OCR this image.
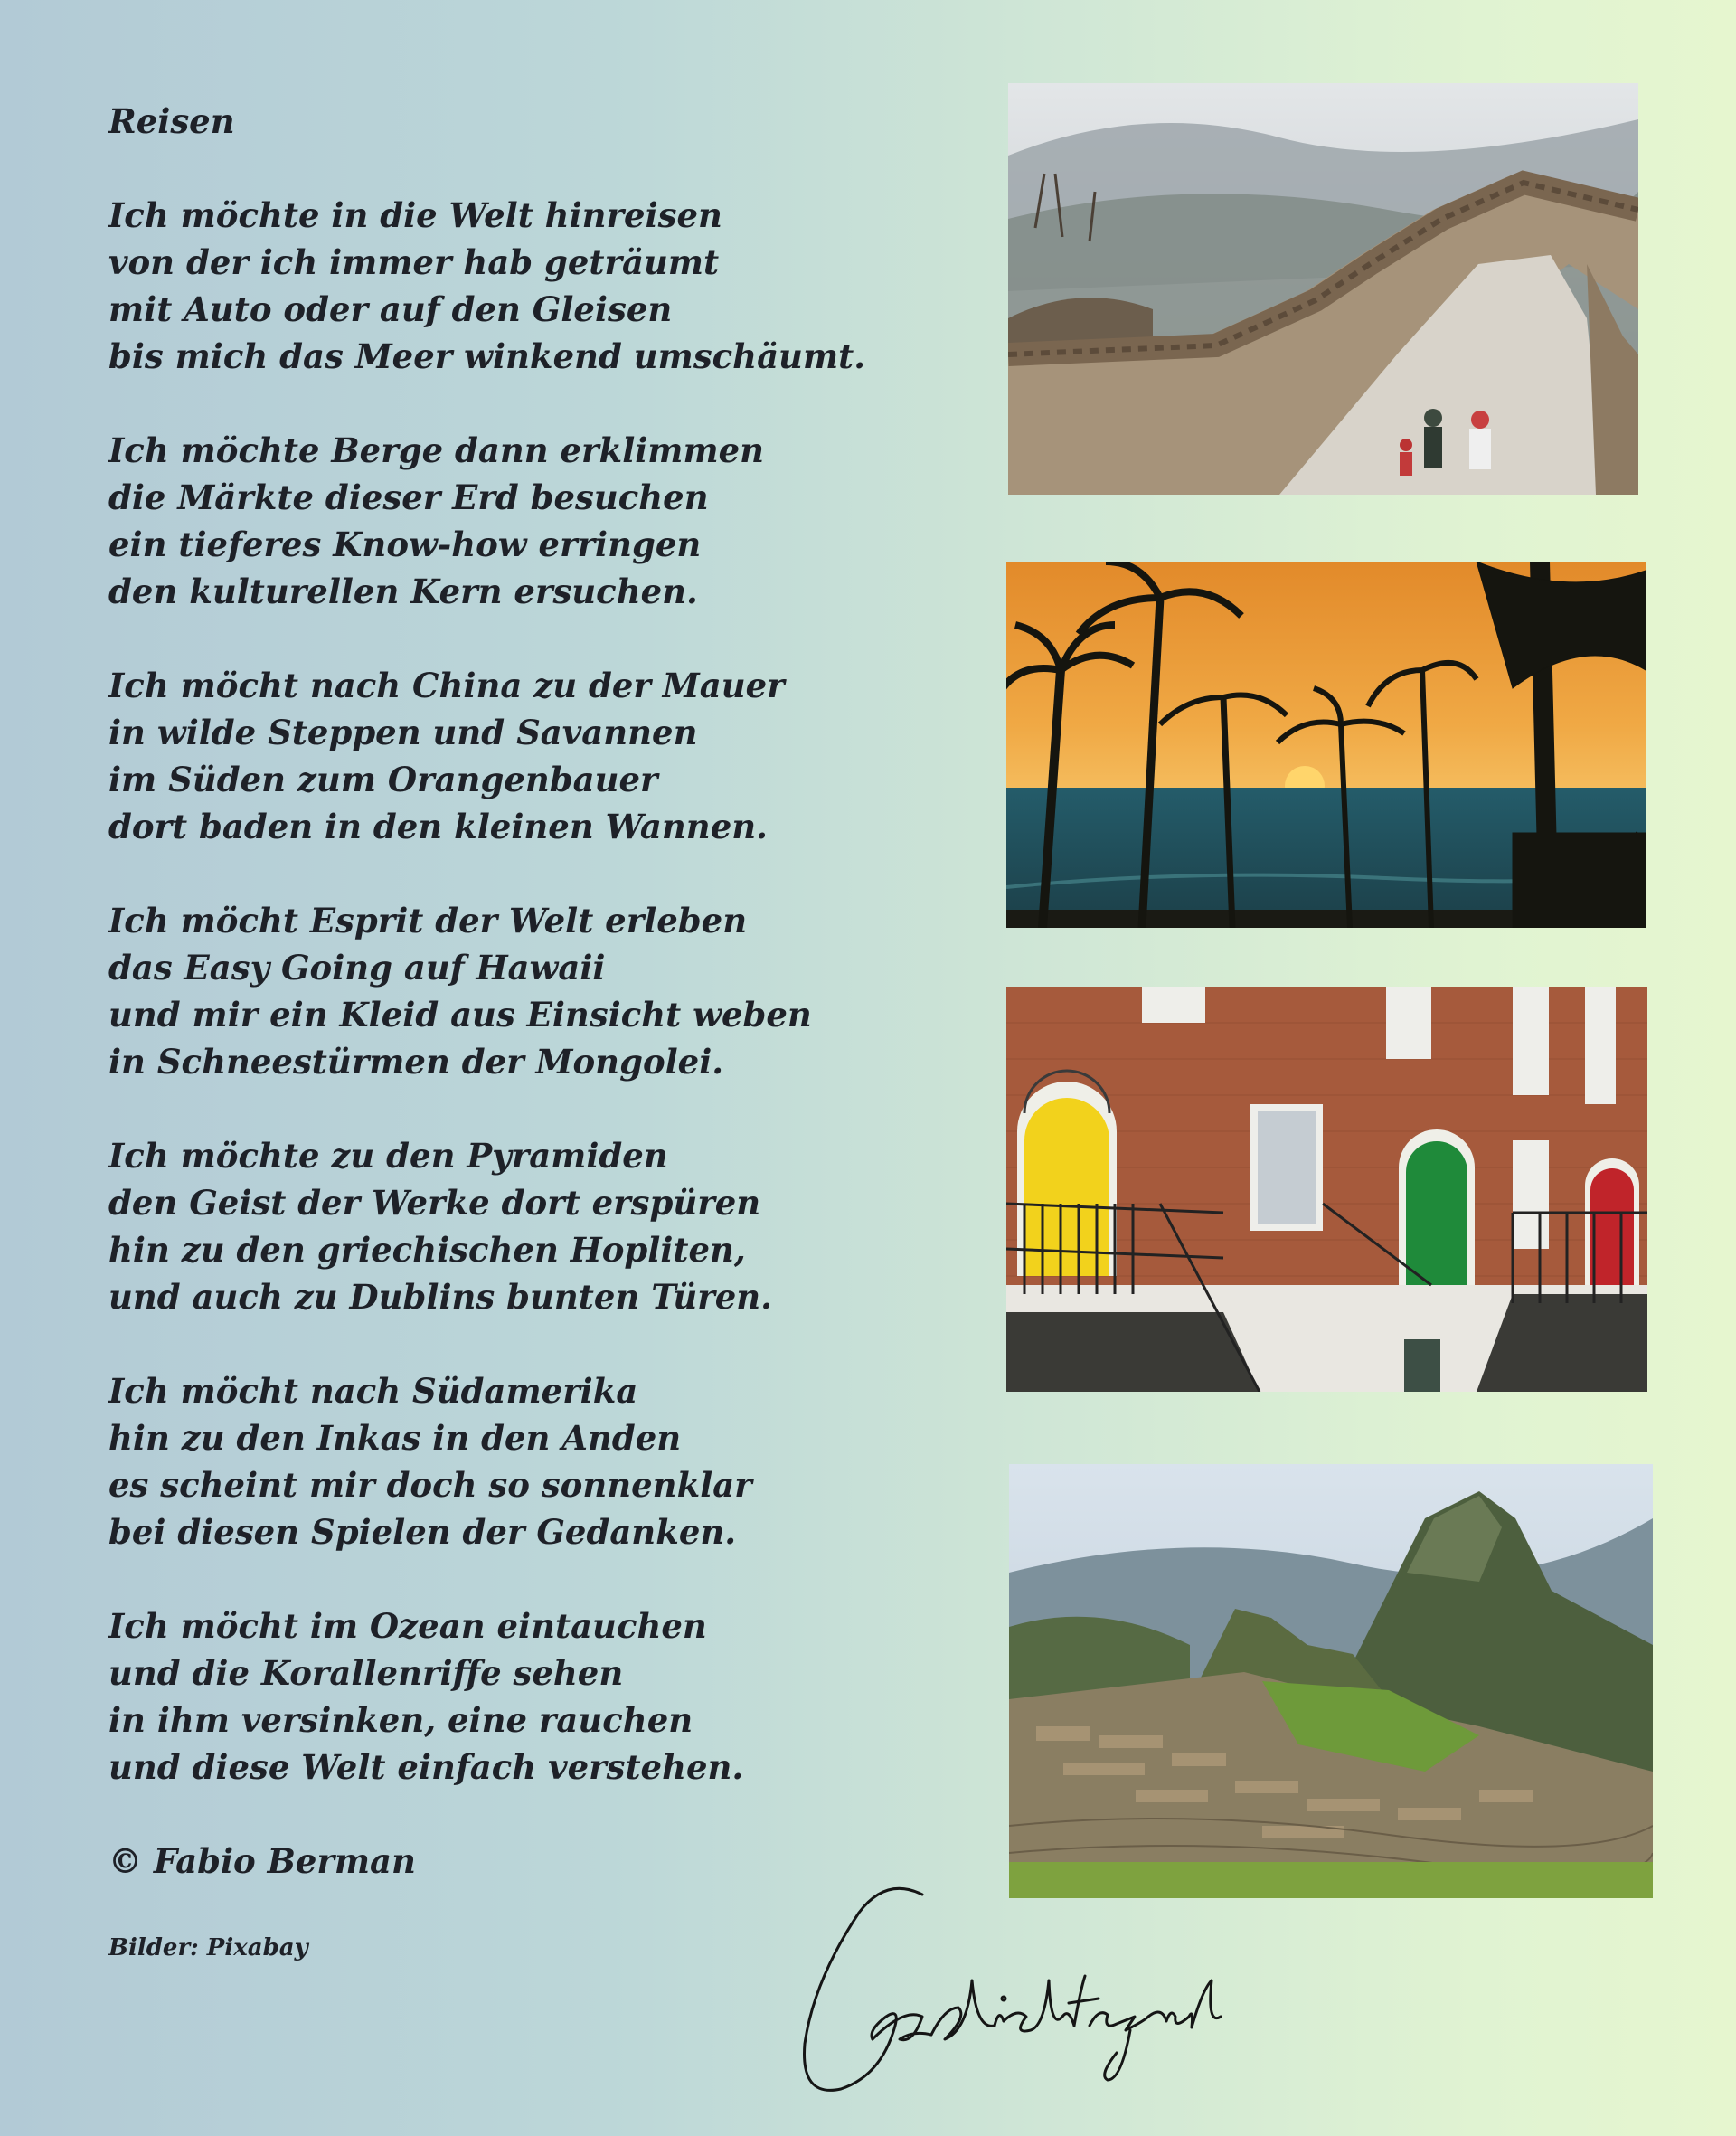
Reisen
Ich möchte in die Welt hinreisen
von der ich immer hab geträumt
mit Auto oder auf den Gleisen
bis mich das Meer winkend umschäumt.
Ich möchte Berge dann erklimmen
die Märkte dieser Erd besuchen
ein tieferes Know-how erringen
den kulturellen Kern ersuchen.
Ich möcht nach China zu der Mauer
in wilde Steppen und Savannen
im Süden zum Orangenbauer
dort baden in den kleinen Wannen.
Ich möcht Esprit der Welt erleben
das Easy Going auf Hawaii
und mir ein Kleid aus Einsicht weben
in Schneestürmen der Mongolei.
Ich möchte zu den Pyramiden
den Geist der Werke dort erspüren
hin zu den griechischen Hopliten,
und auch zu Dublins bunten Türen.
Ich möcht nach Südamerika
hin zu den Inkas in den Anden
es scheint mir doch so sonnenklar
bei diesen Spielen der Gedanken.
Ich möcht im Ozean eintauchen
und die Korallenriffe sehen
in ihm versinken, eine rauchen
und diese Welt einfach verstehen.
© Fabio Berman
Bilder: Pixabay
